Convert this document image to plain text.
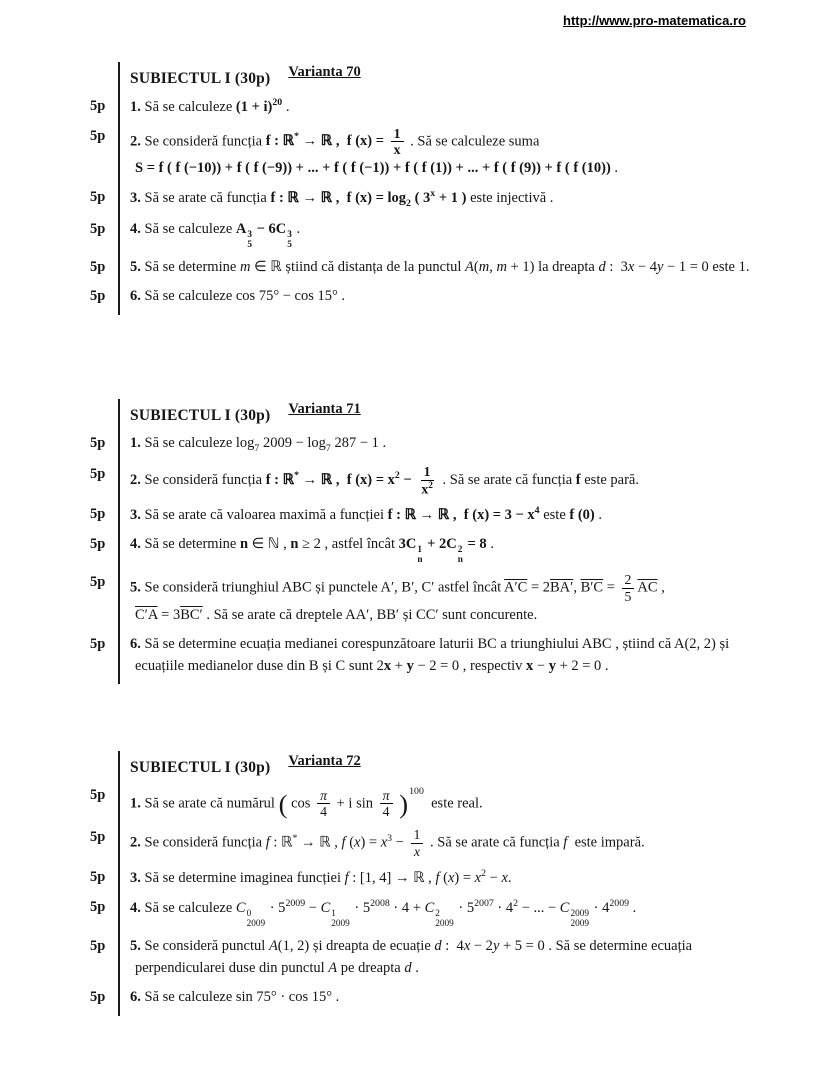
http://www.pro-matematica.ro
SUBIECTUL I (30p) Varianta 70
5p	1. Să se calculeze $(1 + i)^{20}$ .
5p	2. Se consideră funcția f : ℝ* → ℝ ,  f $(x) = \frac{1}{x}$ . Să se calculeze suma
S = f ( f (−10)) + f ( f (−9)) + ... + f ( f (−1)) + f ( f (1)) + ... + f ( f (9)) + f ( f (10)) .
5p	3. Să se arate că funcția f : ℝ → ℝ ,  f $(x) = \log_2$ ( $3^x + 1$ ) este injectivă .
5p	4. Să se calculeze A 3
5
− 6C 3
5
.
5p	5. Să se determine m ∈ ℝ știind că distanța de la punctul A(m, m + 1) la dreapta d :  3x − 4y − 1 = 0 este 1.
5p	6. Să se calculeze cos 75° − cos 15° .
SUBIECTUL I (30p) Varianta 71
5p	1. Să se calculeze $\log_7 2009 - \log_7 287 - 1$ .
5p	2. Se consideră funcția f : ℝ* → ℝ ,  f $(x) = x^2 - \frac{1}{x^2}$ . Să se arate că funcția f este pară.
5p	3. Să se arate că valoarea maximă a funcției f : ℝ → ℝ ,  f $(x) = 3 - x^4$ este f (0) .
5p	4. Să se determine n ∈ ℕ , n ≥ 2 , astfel încât 3C 1
n
+ 2C 2
n
= 8 .
5p	5. Se consideră triunghiul ABC și punctele A′, B′, C′ astfel încât A′C = 2BA′, $B'C = \frac{2}{5} \overline{AC}$ ,
C′A = 3BC′ . Să se arate că dreptele AA′, BB′ și CC′ sunt concurente.
5p	6. Să se determine ecuația medianei corespunzătoare laturii BC a triunghiului ABC , știind că A(2, 2) și
ecuațiile medianelor duse din B și C sunt 2x + y − 2 = 0 , respectiv x − y + 2 = 0 .
SUBIECTUL I (30p) Varianta 72
5p
1. Să se arate că numărul ( $\cos \frac{\pi}{4} + i$ $\sin \frac{\pi}{4} )^{100}$  este real.
5p	2. Se consideră funcția f : ℝ* → ℝ , f $(x) = x^3 - \frac{1}{x}$ . Să se arate că funcția f  este impară.
5p	3. Să se determine imaginea funcției f : [1, 4] → ℝ , f $(x) = x^2 - x$.
5p	4. Să se calculeze C 0
2009
· $5^{2009} - C$ 1
2009
· $5^{2008} \cdot 4 + C$ 2
2009
· $5^{2007} \cdot 4^2$ − ... − C 2009
2009
· $4^{2009}$ .
5p	5. Se consideră punctul A(1, 2) și dreapta de ecuație d :  4x − 2y + 5 = 0 . Să se determine ecuația
perpendicularei duse din punctul A pe dreapta d .
5p	6. Să se calculeze sin 75° · cos 15° .
